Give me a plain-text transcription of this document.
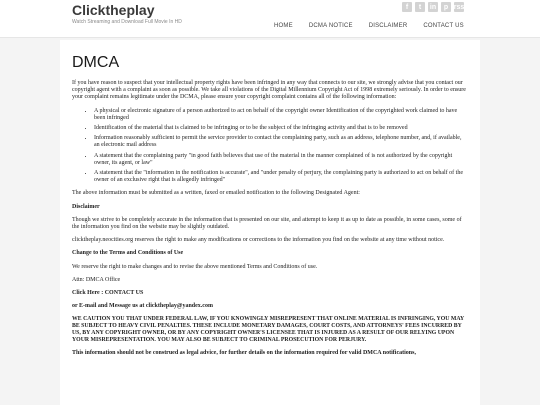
Clicktheplay
Watch Streaming and Download Full Movie In HD
f	t	in	p rss
HOME	DCMA NOTICE	DISCLAIMER	CONTACT US
DMCA

If you have reason to suspect that your intellectual property rights have been infringed in any way that connects to our site, we strongly advise that you contact our copyright agent with a complaint as soon as possible. We take all violations of the Digital Millennium Copyright Act of 1998 extremely seriously. In order to ensure your complaint remains legitimate under the DCMA, please ensure your copyright complaint contains all of the following information:

• A physical or electronic signature of a person authorized to act on behalf of the copyright owner Identification of the copyrighted work claimed to have been infringed
• Identification of the material that is claimed to be infringing or to be the subject of the infringing activity and that is to be removed
• Information reasonably sufficient to permit the service provider to contact the complaining party, such as an address, telephone number, and, if available, an electronic mail address
• A statement that the complaining party "in good faith believes that use of the material in the manner complained of is not authorized by the copyright owner, its agent, or law"
• A statement that the "information in the notification is accurate", and "under penalty of perjury, the complaining party is authorized to act on behalf of the owner of an exclusive right that is allegedly infringed"

The above information must be submitted as a written, faxed or emailed notification to the following Designated Agent:

Disclaimer

Though we strive to be completely accurate in the information that is presented on our site, and attempt to keep it as up to date as possible, in some cases, some of the information you find on the website may be slightly outdated.

clicktheplay.neocities.org reserves the right to make any modifications or corrections to the information you find on the website at any time without notice.

Change to the Terms and Conditions of Use

We reserve the right to make changes and to revise the above mentioned Terms and Conditions of use.

Attn: DMCA Office

Click Here : CONTACT US

or E-mail and Message us at clicktheplay@yandex.com

WE CAUTION YOU THAT UNDER FEDERAL LAW, IF YOU KNOWINGLY MISREPRESENT THAT ONLINE MATERIAL IS INFRINGING, YOU MAY BE SUBJECT TO HEAVY CIVIL PENALTIES. THESE INCLUDE MONETARY DAMAGES, COURT COSTS, AND ATTORNEYS' FEES INCURRED BY US, BY ANY COPYRIGHT OWNER, OR BY ANY COPYRIGHT OWNER'S LICENSEE THAT IS INJURED AS A RESULT OF OUR RELYING UPON YOUR MISREPRESENTATION. YOU MAY ALSO BE SUBJECT TO CRIMINAL PROSECUTION FOR PERJURY.

This information should not be construed as legal advice, for further details on the information required for valid DMCA notifications,
